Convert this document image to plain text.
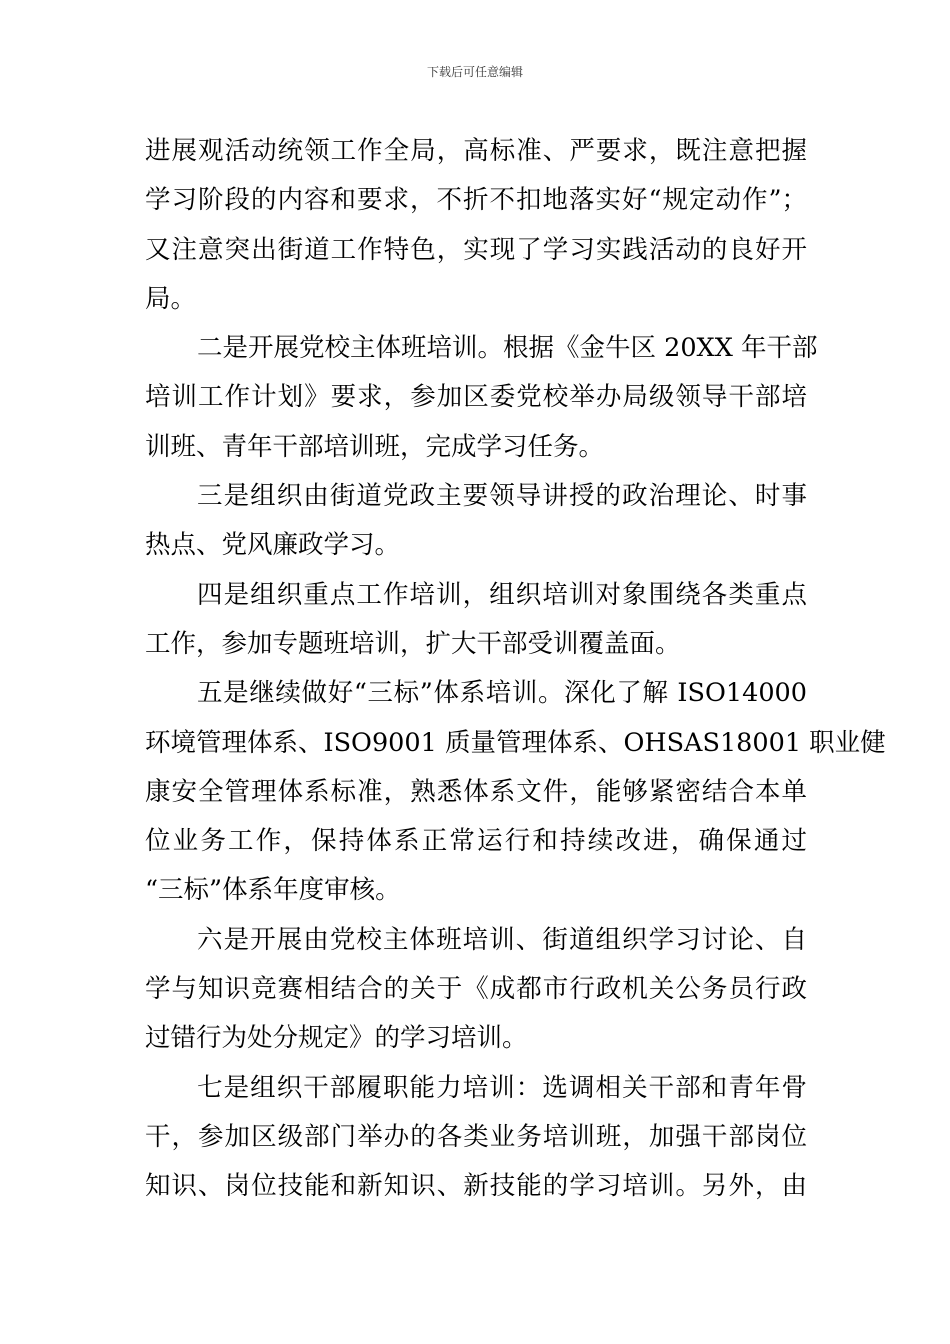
下载后可任意编辑
进展观活动统领工作全局，高标准、严要求，既注意把握
学习阶段的内容和要求，不折不扣地落实好“规定动作”；
又注意突出街道工作特色，实现了学习实践活动的良好开
局。
二是开展党校主体班培训。根据《金牛区 20XX 年干部
培训工作计划》要求，参加区委党校举办局级领导干部培
训班、青年干部培训班，完成学习任务。
三是组织由街道党政主要领导讲授的政治理论、时事
热点、党风廉政学习。
四是组织重点工作培训，组织培训对象围绕各类重点
工作，参加专题班培训，扩大干部受训覆盖面。
五是继续做好“三标”体系培训。深化了解 ISO14000
环境管理体系、ISO9001 质量管理体系、OHSAS18001 职业健
康安全管理体系标准，熟悉体系文件，能够紧密结合本单
位业务工作，保持体系正常运行和持续改进，确保通过
“三标”体系年度审核。
六是开展由党校主体班培训、街道组织学习讨论、自
学与知识竞赛相结合的关于《成都市行政机关公务员行政
过错行为处分规定》的学习培训。
七是组织干部履职能力培训：选调相关干部和青年骨
干，参加区级部门举办的各类业务培训班，加强干部岗位
知识、岗位技能和新知识、新技能的学习培训。另外，由
